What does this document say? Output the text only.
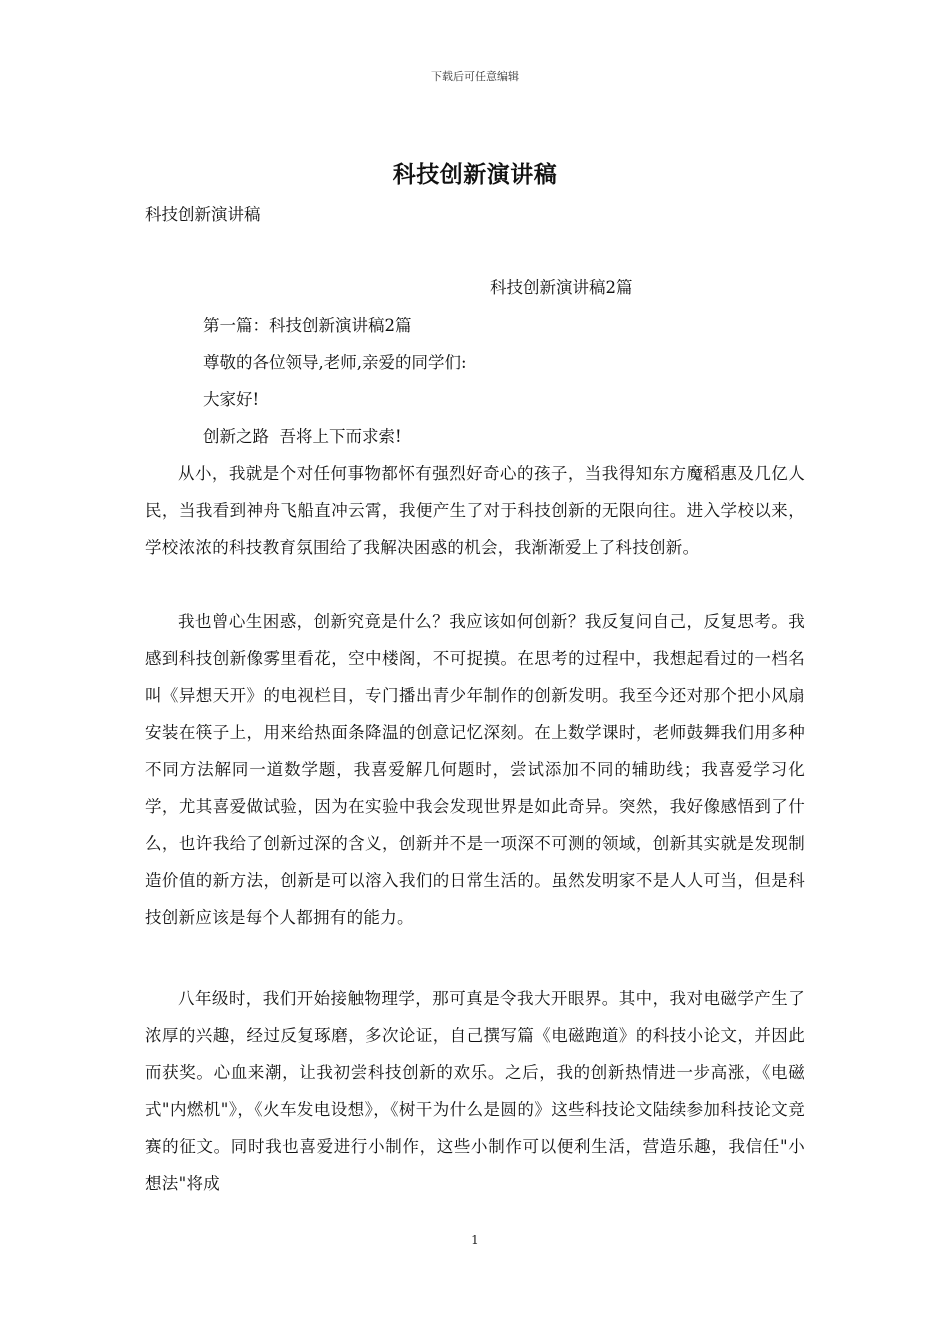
下载后可任意编辑
科技创新演讲稿
科技创新演讲稿
科技创新演讲稿2篇
第一篇：科技创新演讲稿2篇
尊敬的各位领导,老师,亲爱的同学们:
大家好!
创新之路  吾将上下而求索!

从小，我就是个对任何事物都怀有强烈好奇心的孩子，当我得知东方魔稻惠及几亿人民，当我看到神舟飞船直冲云霄，我便产生了对于科技创新的无限向往。进入学校以来，学校浓浓的科技教育氛围给了我解决困惑的机会，我渐渐爱上了科技创新。

我也曾心生困惑，创新究竟是什么？我应该如何创新？我反复问自己，反复思考。我感到科技创新像雾里看花，空中楼阁，不可捉摸。在思考的过程中，我想起看过的一档名叫《异想天开》的电视栏目，专门播出青少年制作的创新发明。我至今还对那个把小风扇安装在筷子上，用来给热面条降温的创意记忆深刻。在上数学课时，老师鼓舞我们用多种不同方法解同一道数学题，我喜爱解几何题时，尝试添加不同的辅助线；我喜爱学习化学，尤其喜爱做试验，因为在实验中我会发现世界是如此奇异。突然，我好像感悟到了什么，也许我给了创新过深的含义，创新并不是一项深不可测的领域，创新其实就是发现制造价值的新方法，创新是可以溶入我们的日常生活的。虽然发明家不是人人可当，但是科技创新应该是每个人都拥有的能力。

八年级时，我们开始接触物理学，那可真是令我大开眼界。其中，我对电磁学产生了浓厚的兴趣，经过反复琢磨，多次论证，自己撰写篇《电磁跑道》的科技小论文，并因此而获奖。心血来潮，让我初尝科技创新的欢乐。之后，我的创新热情进一步高涨，《电磁式"内燃机"》，《火车发电设想》，《树干为什么是圆的》这些科技论文陆续参加科技论文竞赛的征文。同时我也喜爱进行小制作，这些小制作可以便利生活，营造乐趣，我信任"小想法"将成

1
